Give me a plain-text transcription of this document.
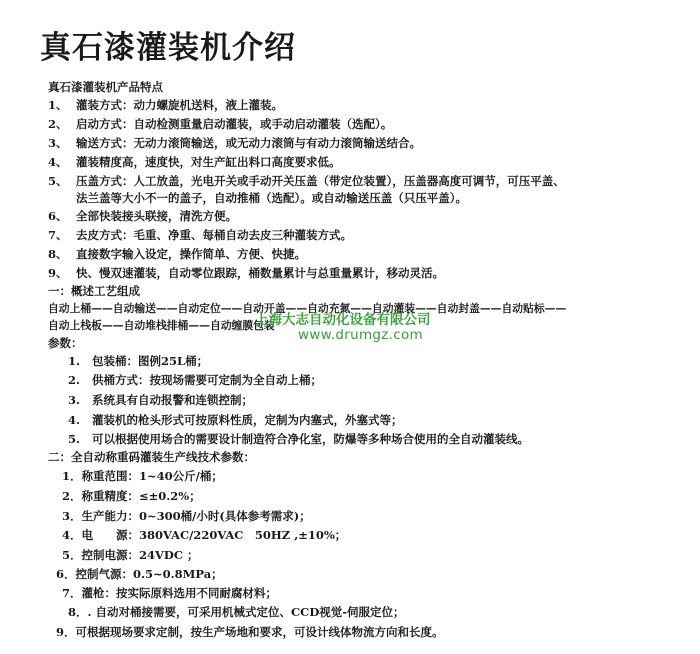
真石漆灌装机介绍
真石漆灌装机产品特点
1、 灌装方式：动力螺旋机送料，液上灌装。
2、 启动方式：自动检测重量启动灌装，或手动启动灌装（选配）。
3、 输送方式：无动力滚筒输送，或无动力滚筒与有动力滚筒输送结合。
4、 灌装精度高，速度快，对生产缸出料口高度要求低。
5、 压盖方式：人工放盖，光电开关或手动开关压盖（带定位装置），压盖器高度可调节，可压平盖、
法兰盖等大小不一的盖子，自动推桶（选配）。或自动输送压盖（只压平盖）。
6、 全部快装接头联接，清洗方便。
7、 去皮方式：毛重、净重、每桶自动去皮三种灌装方式。
8、 直接数字输入设定，操作简单、方便、快捷。
9、 快、慢双速灌装，自动零位跟踪，桶数量累计与总重量累计，移动灵活。
一：概述工艺组成
自动上桶——自动输送——自动定位——自动开盖——自动充氮——自动灌装——自动封盖——自动贴标——
自动上栈板——自动堆栈排桶——自动缠膜包装
上海大志自动化设备有限公司
www.drumgz.com
参数：
1. 包装桶：图例25L桶；
2. 供桶方式：按现场需要可定制为全自动上桶；
3. 系统具有自动报警和连锁控制；
4. 灌装机的枪头形式可按原料性质，定制为内塞式，外塞式等；
5. 可以根据使用场合的需要设计制造符合净化室，防爆等多种场合使用的全自动灌装线。
二：全自动称重码灌装生产线技术参数：
1．称重范围：1~40公斤/桶；
2．称重精度：≤±0.2%；
3．生产能力：0~300桶/小时(具体参考需求)；
4．电　　源：380VAC/220VAC　50HZ ,±10%；
5．控制电源：24VDC ；
6．控制气源：0.5~0.8MPa；
7．灌枪：按实际原料选用不同耐腐材料；
8．. 自动对桶接需要，可采用机械式定位、CCD视觉-伺服定位；
9．可根据现场要求定制，按生产场地和要求，可设计线体物流方向和长度。
